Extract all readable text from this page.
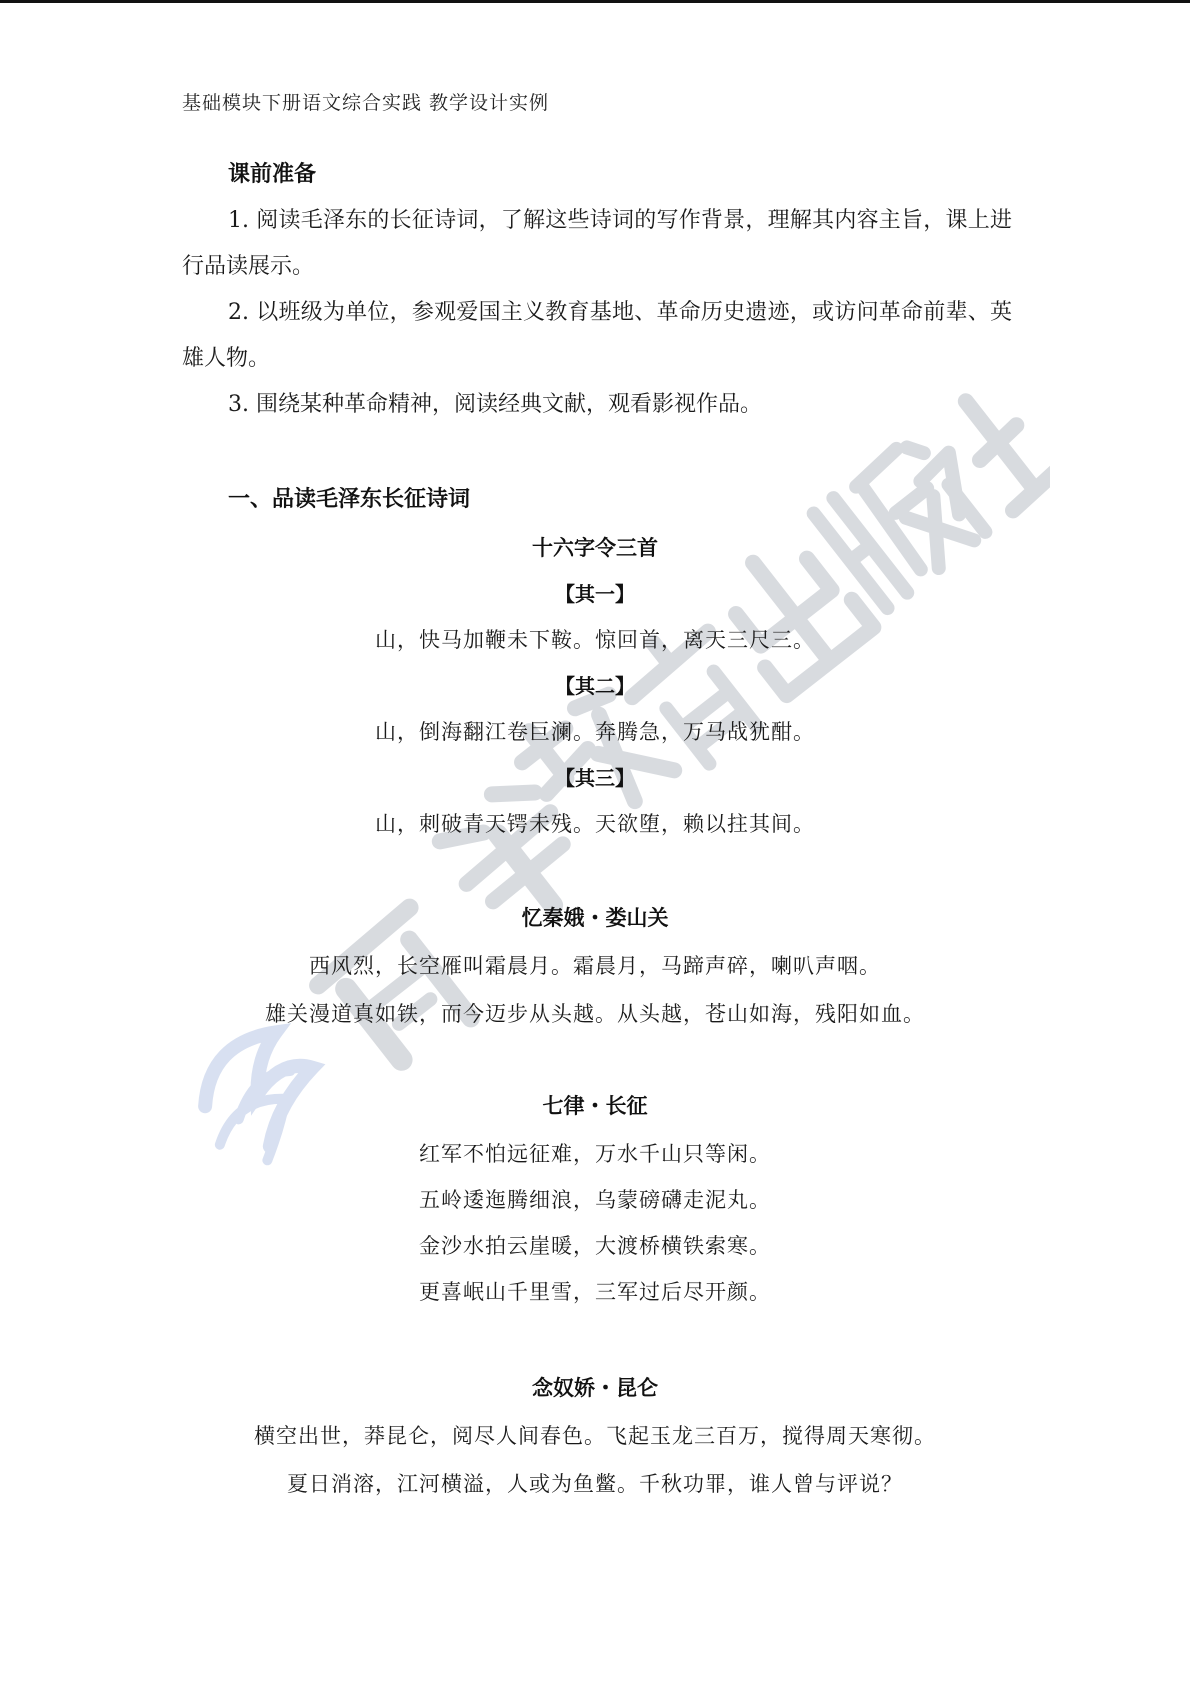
基础模块下册语文综合实践 教学设计实例
课前准备

1. 阅读毛泽东的长征诗词，了解这些诗词的写作背景，理解其内容主旨，课上进行品读展示。

2. 以班级为单位，参观爱国主义教育基地、革命历史遗迹，或访问革命前辈、英雄人物。

3. 围绕某种革命精神，阅读经典文献，观看影视作品。

一、品读毛泽东长征诗词
十六字令三首
【其一】
山，快马加鞭未下鞍。惊回首，离天三尺三。
【其二】
山，倒海翻江卷巨澜。奔腾急，万马战犹酣。
【其三】
山，刺破青天锷未残。天欲堕，赖以拄其间。
忆秦娥・娄山关
西风烈，长空雁叫霜晨月。霜晨月，马蹄声碎，喇叭声咽。
雄关漫道真如铁，而今迈步从头越。从头越，苍山如海，残阳如血。
七律・长征
红军不怕远征难，万水千山只等闲。
五岭逶迤腾细浪，乌蒙磅礴走泥丸。
金沙水拍云崖暖，大渡桥横铁索寒。
更喜岷山千里雪，三军过后尽开颜。
念奴娇・昆仑
横空出世，莽昆仑，阅尽人间春色。飞起玉龙三百万，搅得周天寒彻。
夏日消溶，江河横溢，人或为鱼鳖。千秋功罪，谁人曾与评说？
